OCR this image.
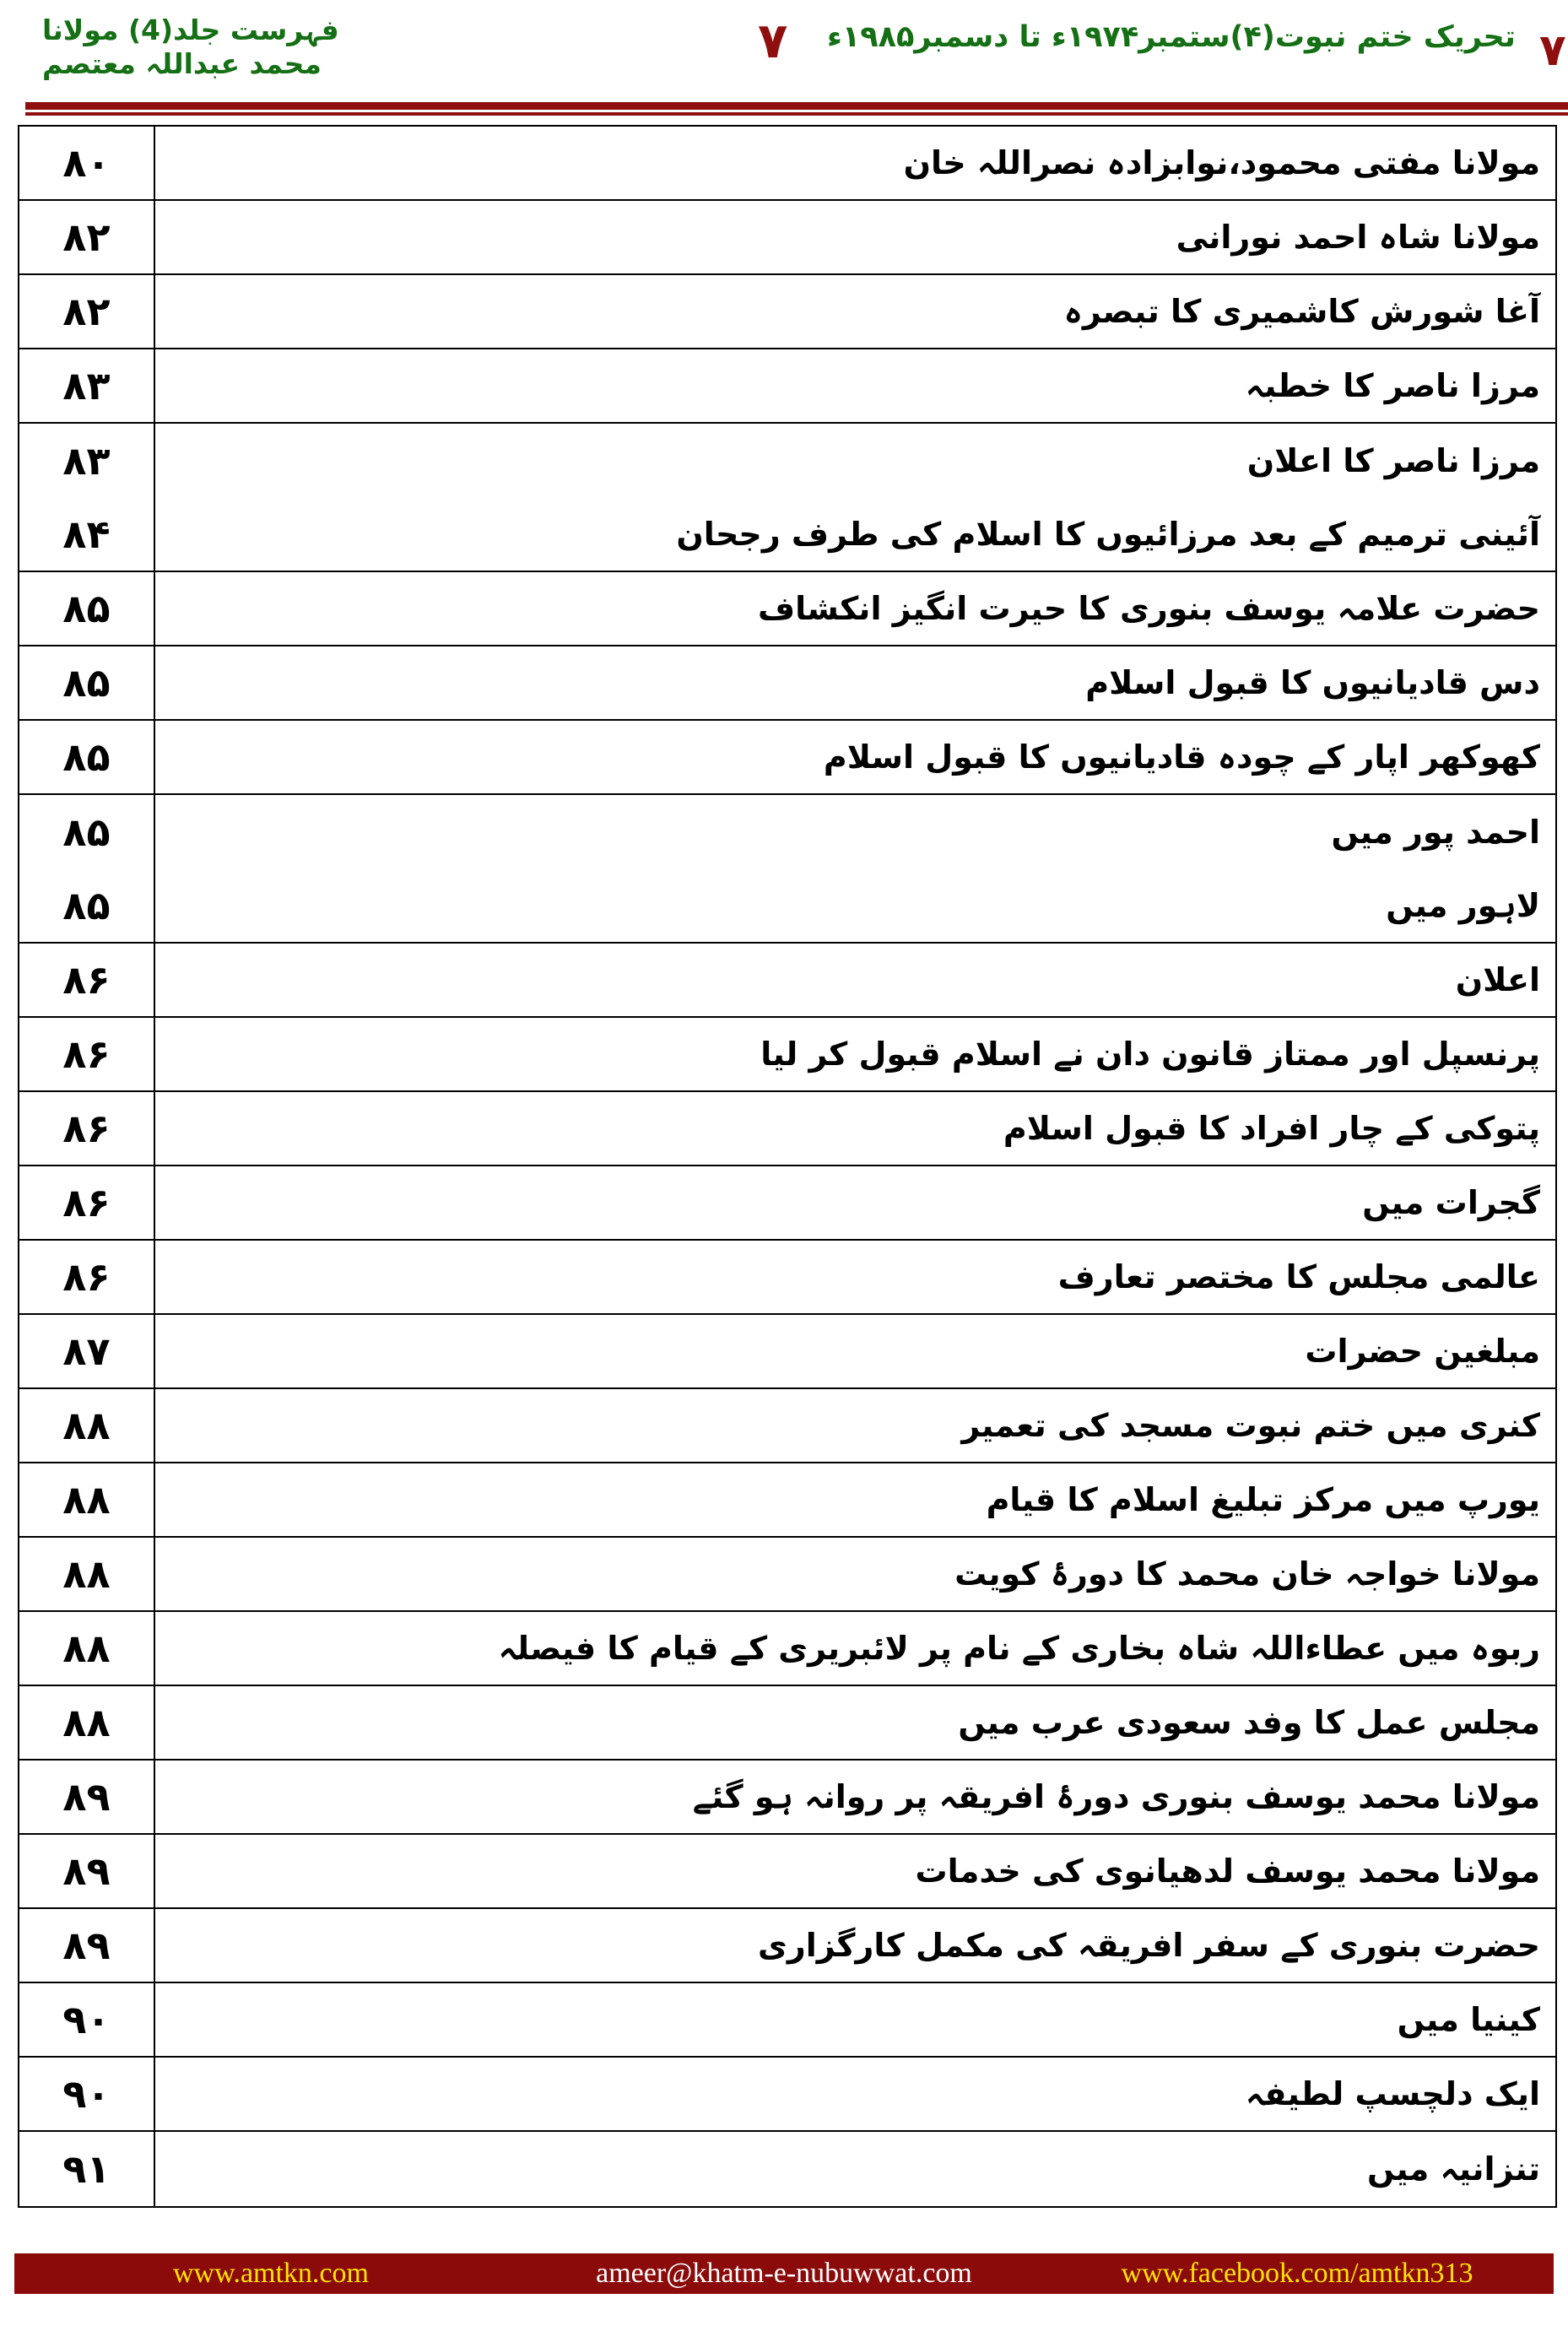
فہرست جلد(4) مولانا محمد عبداللہ معتصم	۷	۷
تحریک ختم نبوت(۴)ستمبر۱۹۷۴ء تا دسمبر۱۹۸۵ء
۸۰	مولانا مفتی محمود،نوابزادہ نصراللہ خان
۸۲	مولانا شاہ احمد نورانی
۸۲	آغا شورش کاشمیری کا تبصرہ
۸۳	مرزا ناصر کا خطبہ
۸۳	مرزا ناصر کا اعلان
۸۴	آئینی ترمیم کے بعد مرزائیوں کا اسلام کی طرف رجحان
۸۵	حضرت علامہ یوسف بنوری کا حیرت انگیز انکشاف
۸۵	دس قادیانیوں کا قبول اسلام
۸۵	کھوکھر اپار کے چودہ قادیانیوں کا قبول اسلام
۸۵	احمد پور میں
۸۵	لاہور میں
۸۶	اعلان
۸۶	پرنسپل اور ممتاز قانون دان نے اسلام قبول کر لیا
۸۶	پتوکی کے چار افراد کا قبول اسلام
۸۶	گجرات میں
۸۶	عالمی مجلس کا مختصر تعارف
۸۷	مبلغین حضرات
۸۸	کنری میں ختم نبوت مسجد کی تعمیر
۸۸	یورپ میں مرکز تبلیغ اسلام کا قیام
۸۸	مولانا خواجہ خان محمد کا دورۂ کویت
۸۸	ربوہ میں عطاءاللہ شاہ بخاری کے نام پر لائبریری کے قیام کا فیصلہ
۸۸	مجلس عمل کا وفد سعودی عرب میں
۸۹	مولانا محمد یوسف بنوری دورۂ افریقہ پر روانہ ہو گئے
۸۹	مولانا محمد یوسف لدھیانوی کی خدمات
۸۹	حضرت بنوری کے سفر افریقہ کی مکمل کارگزاری
۹۰	کینیا میں
۹۰	ایک دلچسپ لطیفہ
۹۱	تنزانیہ میں
www.amtkn.com	ameer@khatm-e-nubuwwat.com	www.facebook.com/amtkn313
